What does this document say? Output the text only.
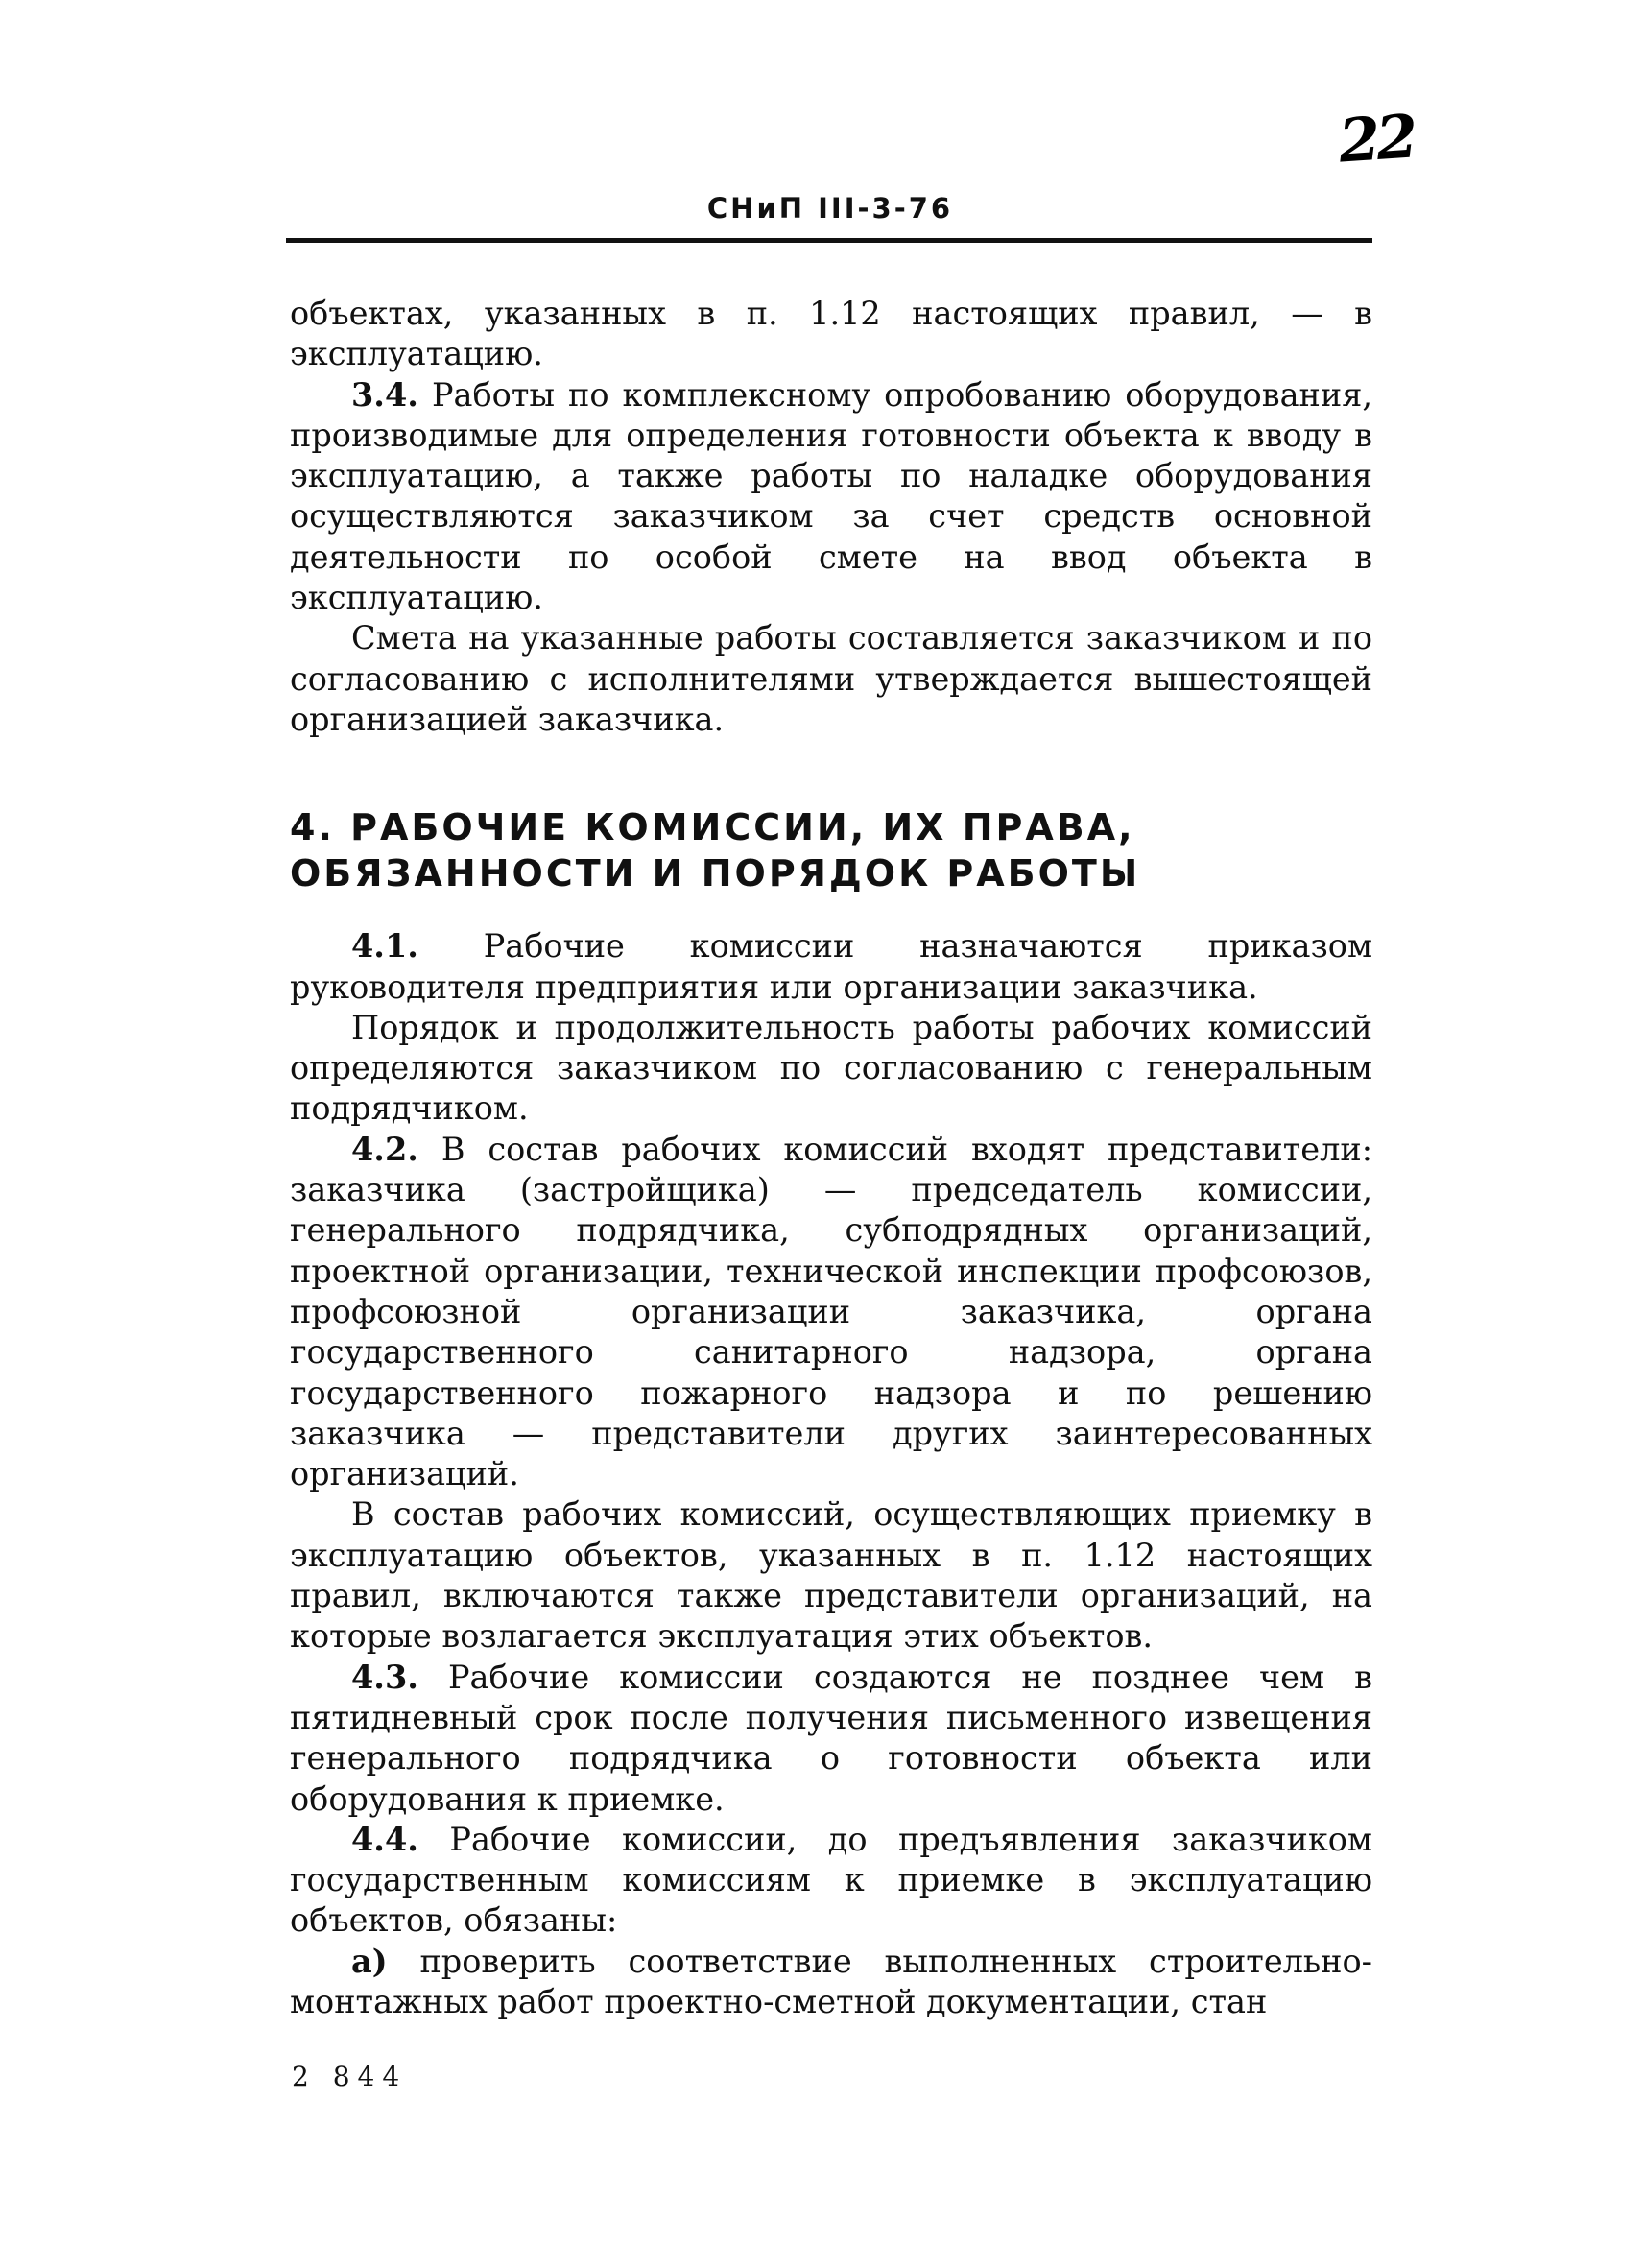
22
СНиП III-3-76

объектах, указанных в п. 1.12 настоящих правил, — в эксплуатацию.

3.4. Работы по комплексному опробованию оборудования, производимые для определения готовности объекта к вводу в эксплуатацию, а также работы по наладке оборудования осуществляются заказчиком за счет средств основной деятельности по особой смете на ввод объекта в эксплуатацию.

Смета на указанные работы составляется заказчиком и по согласованию с исполнителями утверждается вышестоящей организацией заказчика.

4. РАБОЧИЕ КОМИССИИ, ИХ ПРАВА,
ОБЯЗАННОСТИ И ПОРЯДОК РАБОТЫ

4.1. Рабочие комиссии назначаются приказом руководителя предприятия или организации заказчика.

Порядок и продолжительность работы рабочих комиссий определяются заказчиком по согласованию с генеральным подрядчиком.

4.2. В состав рабочих комиссий входят представители: заказчика (застройщика) — председатель комиссии, генерального подрядчика, субподрядных организаций, проектной организации, технической инспекции профсоюзов, профсоюзной организации заказчика, органа государственного санитарного надзора, органа государственного пожарного надзора и по решению заказчика — представители других заинтересованных организаций.

В состав рабочих комиссий, осуществляющих приемку в эксплуатацию объектов, указанных в п. 1.12 настоящих правил, включаются также представители организаций, на которые возлагается эксплуатация этих объектов.

4.3. Рабочие комиссии создаются не позднее чем в пятидневный срок после получения письменного извещения генерального подрядчика о готовности объекта или оборудования к приемке.

4.4. Рабочие комиссии, до предъявления заказчиком государственным комиссиям к приемке в эксплуатацию объектов, обязаны:

а) проверить соответствие выполненных строительно-монтажных работ проектно-сметной документации, стан

2 844
